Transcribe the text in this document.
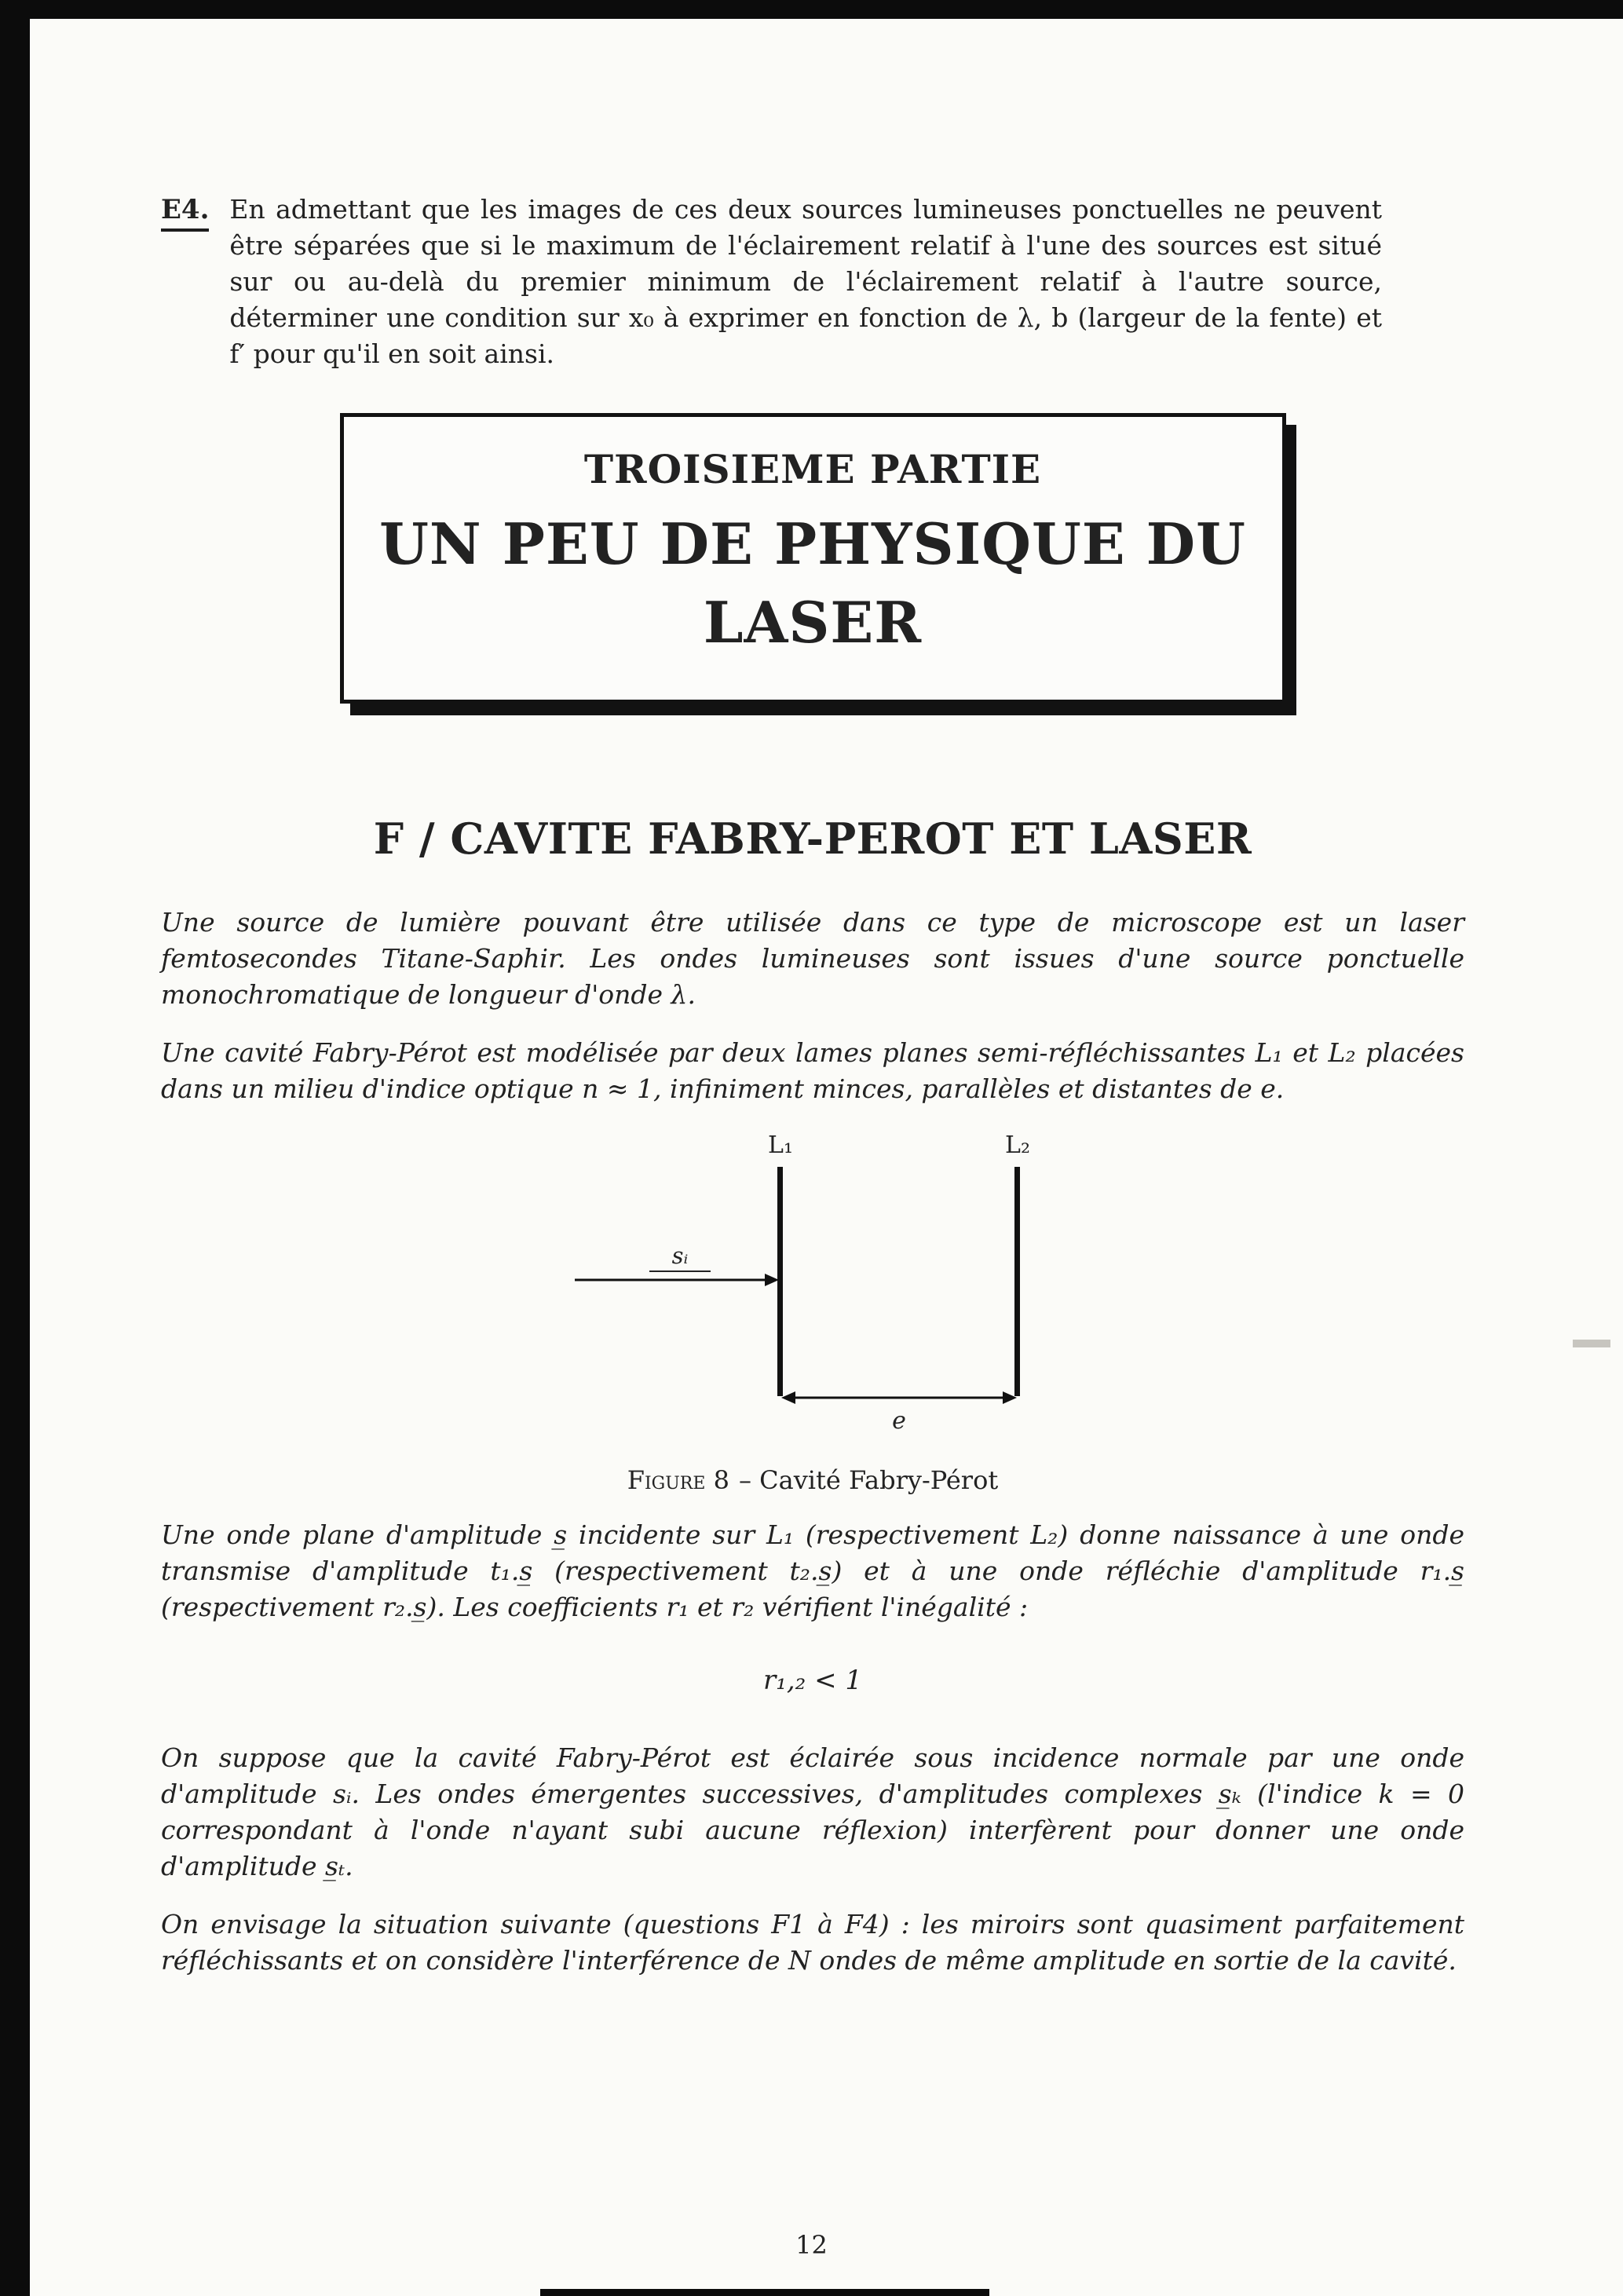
E4. En admettant que les images de ces deux sources lumineuses ponctuelles ne peuvent être séparées que si le maximum de l'éclairement relatif à l'une des sources est situé sur ou au-delà du premier minimum de l'éclairement relatif à l'autre source, déterminer une condition sur x₀ à exprimer en fonction de λ, b (largeur de la fente) et f′ pour qu'il en soit ainsi.

TROISIEME PARTIE
UN PEU DE PHYSIQUE DU
LASER
F / CAVITE FABRY-PEROT ET LASER

Une source de lumière pouvant être utilisée dans ce type de microscope est un laser femtosecondes Titane-Saphir. Les ondes lumineuses sont issues d'une source ponctuelle monochromatique de longueur d'onde λ.

Une cavité Fabry-Pérot est modélisée par deux lames planes semi-réfléchissantes L₁ et L₂ placées dans un milieu d'indice optique n ≈ 1, infiniment minces, parallèles et distantes de e.

L₁	L₂
sᵢ
e
Figure 8 – Cavité Fabry-Pérot

Une onde plane d'amplitude s̲ incidente sur L₁ (respectivement L₂) donne naissance à une onde transmise d'amplitude t₁.s̲ (respectivement t₂.s̲) et à une onde réfléchie d'amplitude r₁.s̲ (respectivement r₂.s̲). Les coefficients r₁ et r₂ vérifient l'inégalité :

r₁,₂ < 1

On suppose que la cavité Fabry-Pérot est éclairée sous incidence normale par une onde d'amplitude sᵢ. Les ondes émergentes successives, d'amplitudes complexes s̲ₖ (l'indice k = 0 correspondant à l'onde n'ayant subi aucune réflexion) interfèrent pour donner une onde d'amplitude s̲ₜ.

On envisage la situation suivante (questions F1 à F4) : les miroirs sont quasiment parfaitement réfléchissants et on considère l'interférence de N ondes de même amplitude en sortie de la cavité.

12
